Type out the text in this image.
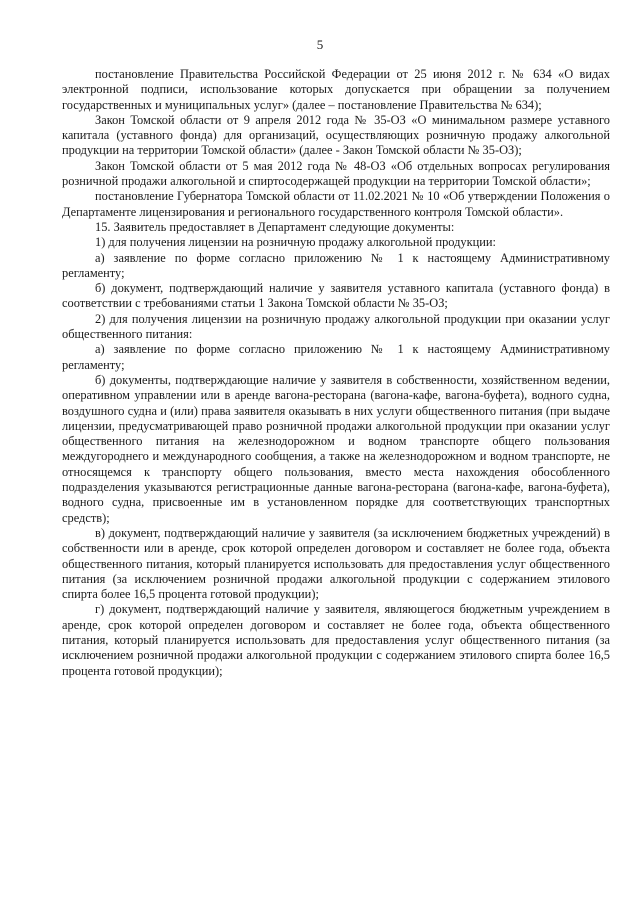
5

постановление Правительства Российской Федерации от 25 июня 2012 г. № 634 «О видах электронной подписи, использование которых допускается при обращении за получением государственных и муниципальных услуг» (далее – постановление Правительства № 634);

Закон Томской области от 9 апреля 2012 года № 35-ОЗ «О минимальном размере уставного капитала (уставного фонда) для организаций, осуществляющих розничную продажу алкогольной продукции на территории Томской области» (далее - Закон Томской области № 35-ОЗ);

Закон Томской области от 5 мая 2012 года № 48-ОЗ «Об отдельных вопросах регулирования розничной продажи алкогольной и спиртосодержащей продукции на территории Томской области»;

постановление Губернатора Томской области от 11.02.2021 № 10 «Об утверждении Положения о Департаменте лицензирования и регионального государственного контроля Томской области».

15. Заявитель предоставляет в Департамент следующие документы:

1) для получения лицензии на розничную продажу алкогольной продукции:

а) заявление по форме согласно приложению № 1 к настоящему Административному регламенту;

б) документ, подтверждающий наличие у заявителя уставного капитала (уставного фонда) в соответствии с требованиями статьи 1 Закона Томской области № 35-ОЗ;

2) для получения лицензии на розничную продажу алкогольной продукции при оказании услуг общественного питания:

а) заявление по форме согласно приложению № 1 к настоящему Административному регламенту;

б) документы, подтверждающие наличие у заявителя в собственности, хозяйственном ведении, оперативном управлении или в аренде вагона-ресторана (вагона-кафе, вагона-буфета), водного судна, воздушного судна и (или) права заявителя оказывать в них услуги общественного питания (при выдаче лицензии, предусматривающей право розничной продажи алкогольной продукции при оказании услуг общественного питания на железнодорожном и водном транспорте общего пользования междугороднего и международного сообщения, а также на железнодорожном и водном транспорте, не относящемся к транспорту общего пользования, вместо места нахождения обособленного подразделения указываются регистрационные данные вагона-ресторана (вагона-кафе, вагона-буфета), водного судна, присвоенные им в установленном порядке для соответствующих транспортных средств);

в) документ, подтверждающий наличие у заявителя (за исключением бюджетных учреждений) в собственности или в аренде, срок которой определен договором и составляет не более года, объекта общественного питания, который планируется использовать для предоставления услуг общественного питания (за исключением розничной продажи алкогольной продукции с содержанием этилового спирта более 16,5 процента готовой продукции);

г) документ, подтверждающий наличие у заявителя, являющегося бюджетным учреждением в аренде, срок которой определен договором и составляет не более года, объекта общественного питания, который планируется использовать для предоставления услуг общественного питания (за исключением розничной продажи алкогольной продукции с содержанием этилового спирта более 16,5 процента готовой продукции);
